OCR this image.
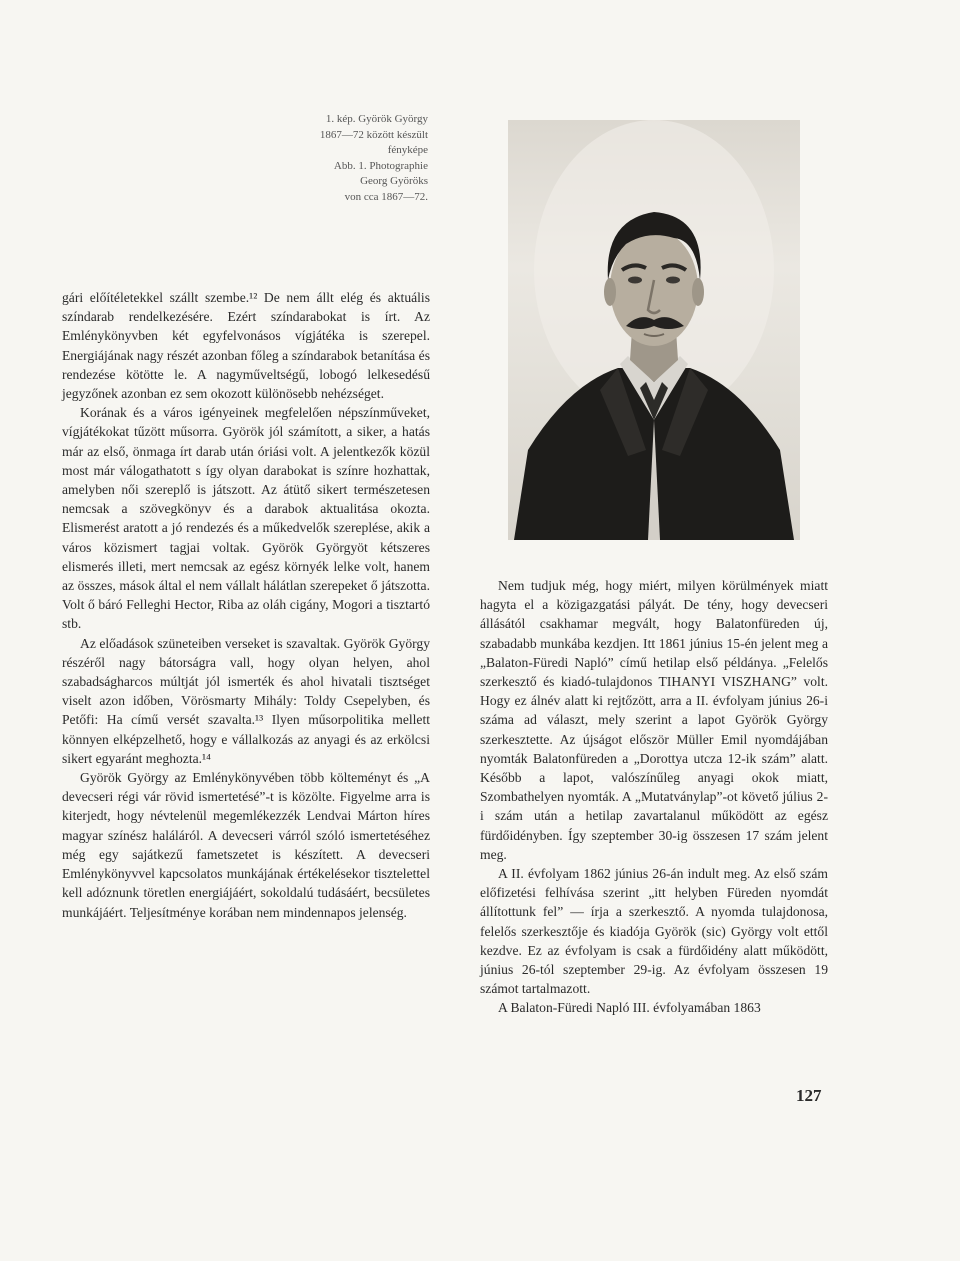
1. kép. Györök György
1867—72 között készült
fényképe
Abb. 1. Photographie
Georg Györöks
von cca 1867—72.

gári előítéletekkel szállt szembe.¹² De nem állt elég és aktuális színdarab rendelkezésére. Ezért színdarabokat is írt. Az Emlénykönyvben két egyfelvonásos vígjátéka is szerepel. Energiájának nagy részét azonban főleg a színdarabok betanítása és rendezése kötötte le. A nagyműveltségű, lobogó lelkesedésű jegyzőnek azonban ez sem okozott különösebb nehézséget.

Korának és a város igényeinek megfelelően népszínműveket, vígjátékokat tűzött műsorra. Györök jól számított, a siker, a hatás már az első, önmaga írt darab után óriási volt. A jelentkezők közül most már válogathatott s így olyan darabokat is színre hozhattak, amelyben női szereplő is játszott. Az átütő sikert természetesen nemcsak a szövegkönyv és a darabok aktualitása okozta. Elismerést aratott a jó rendezés és a műkedvelők szereplése, akik a város közismert tagjai voltak. Györök Györgyöt kétszeres elismerés illeti, mert nemcsak az egész környék lelke volt, hanem az összes, mások által el nem vállalt hálátlan szerepeket ő játszotta. Volt ő báró Felleghi Hector, Riba az oláh cigány, Mogori a tisztartó stb.

Az előadások szüneteiben verseket is szavaltak. Györök György részéről nagy bátorságra vall, hogy olyan helyen, ahol szabadságharcos múltját jól ismerték és ahol hivatali tisztséget viselt azon időben, Vörösmarty Mihály: Toldy Csepelyben, és Petőfi: Ha című versét szavalta.¹³ Ilyen műsorpolitika mellett könnyen elképzelhető, hogy e vállalkozás az anyagi és az erkölcsi sikert egyaránt meghozta.¹⁴

Györök György az Emlénykönyvében több költeményt és „A devecseri régi vár rövid ismertetésé”-t is közölte. Figyelme arra is kiterjedt, hogy névtelenül megemlékezzék Lendvai Márton híres magyar színész haláláról. A devecseri várról szóló ismertetéséhez még egy sajátkezű fametszetet is készített. A devecseri Emlénykönyvvel kapcsolatos munkájának értékelésekor tisztelettel kell adóznunk töretlen energiájáért, sokoldalú tudásáért, becsületes munkájáért. Teljesítménye korában nem mindennapos jelenség.

Nem tudjuk még, hogy miért, milyen körülmények miatt hagyta el a közigazgatási pályát. De tény, hogy devecseri állásától csakhamar megvált, hogy Balatonfüreden új, szabadabb munkába kezdjen. Itt 1861 június 15-én jelent meg a „Balaton-Füredi Napló” című hetilap első példánya. „Felelős szerkesztő és kiadó-tulajdonos TIHANYI VISZHANG” volt. Hogy ez álnév alatt ki rejtőzött, arra a II. évfolyam június 26-i száma ad választ, mely szerint a lapot Györök György szerkesztette. Az újságot először Müller Emil nyomdájában nyomták Balatonfüreden a „Dorottya utcza 12-ik szám” alatt. Később a lapot, valószínűleg anyagi okok miatt, Szombathelyen nyomták. A „Mutatványlap”-ot követő július 2-i szám után a hetilap zavartalanul működött az egész fürdőidényben. Így szeptember 30-ig összesen 17 szám jelent meg.

A II. évfolyam 1862 június 26-án indult meg. Az első szám előfizetési felhívása szerint „itt helyben Füreden nyomdát állítottunk fel” — írja a szerkesztő. A nyomda tulajdonosa, felelős szerkesztője és kiadója Györök (sic) György volt ettől kezdve. Ez az évfolyam is csak a fürdőidény alatt működött, június 26-tól szeptember 29-ig. Az évfolyam összesen 19 számot tartalmazott.

A Balaton-Füredi Napló III. évfolyamában 1863

127
